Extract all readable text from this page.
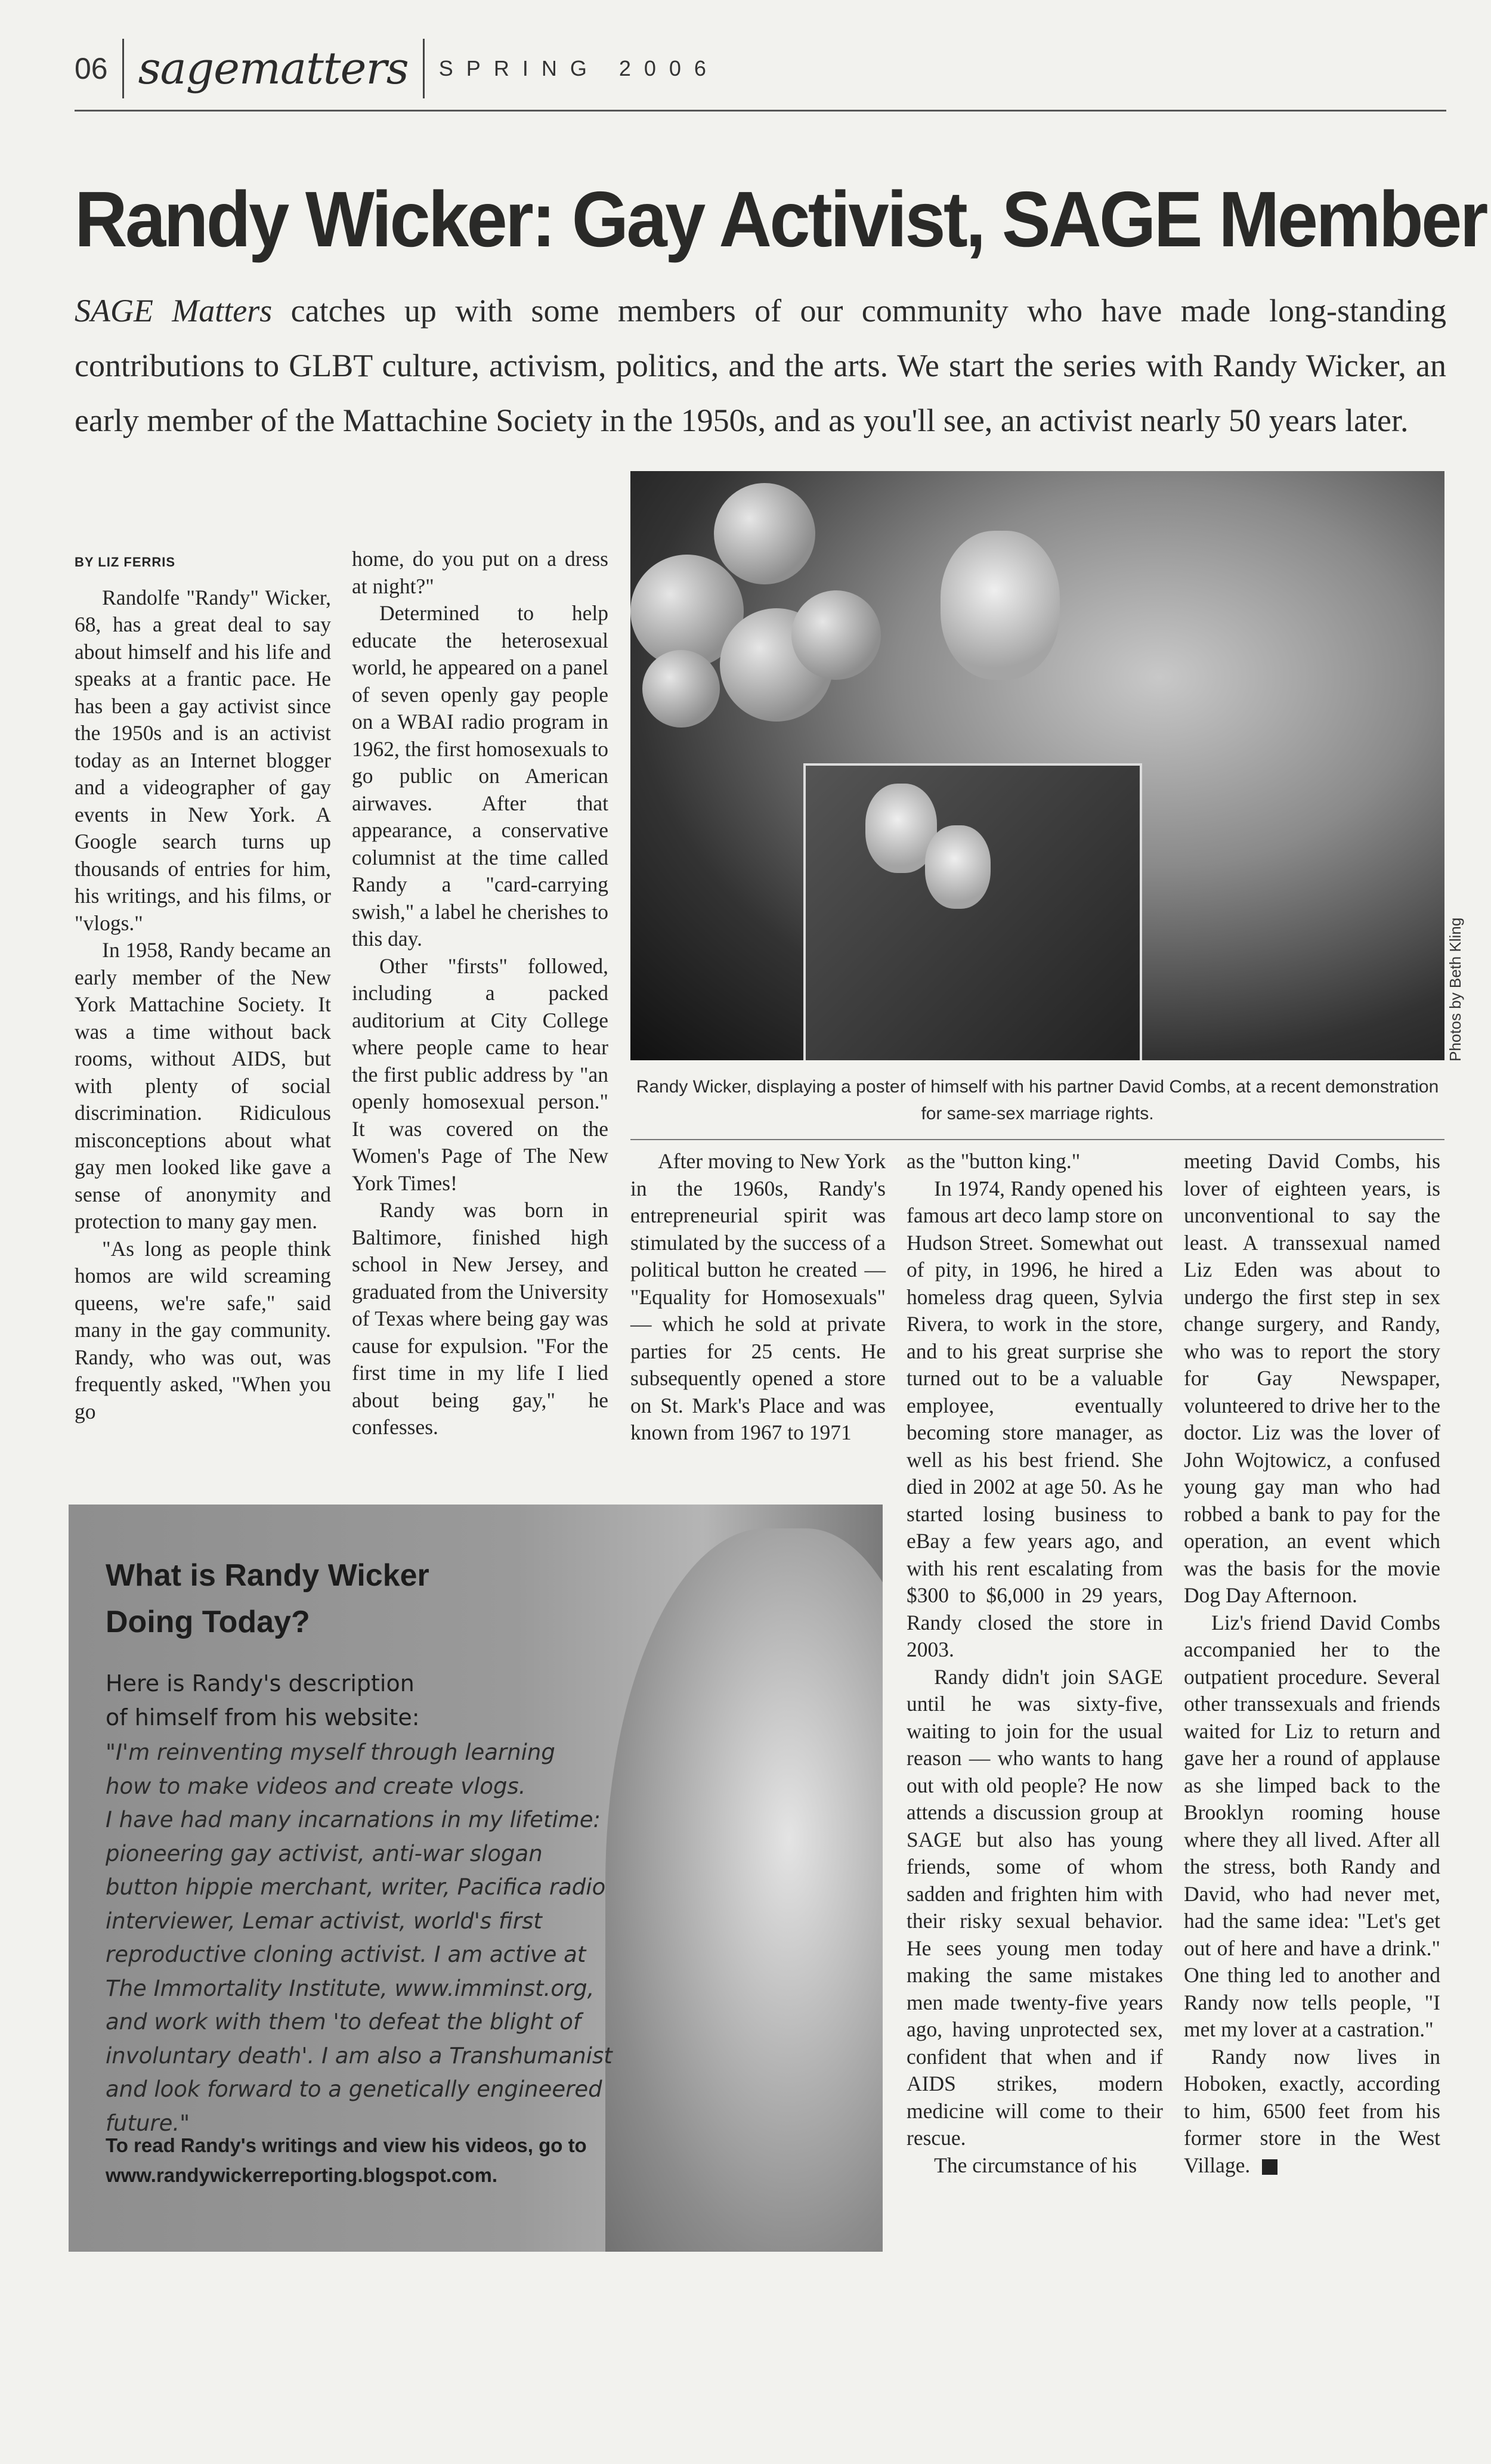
06 sagematters SPRING 2006
Randy Wicker: Gay Activist, SAGE Member
SAGE Matters catches up with some members of our community who have made long-standing contributions to GLBT culture, activism, politics, and the arts. We start the series with Randy Wicker, an early member of the Mattachine Society in the 1950s, and as you'll see, an activist nearly 50 years later.
Photos by Beth Kling
Randy Wicker, displaying a poster of himself with his partner David Combs, at a recent demonstration for same-sex marriage rights.
BY LIZ FERRIS

Randolfe "Randy" Wicker, 68, has a great deal to say about himself and his life and speaks at a frantic pace. He has been a gay activist since the 1950s and is an activist today as an Internet blogger and a videographer of gay events in New York. A Google search turns up thousands of entries for him, his writings, and his films, or "vlogs."

In 1958, Randy became an early member of the New York Mattachine Society. It was a time without back rooms, without AIDS, but with plenty of social discrimination. Ridiculous misconceptions about what gay men looked like gave a sense of anonymity and protection to many gay men.

"As long as people think homos are wild screaming queens, we're safe," said many in the gay community. Randy, who was out, was frequently asked, "When you go

home, do you put on a dress at night?"

Determined to help educate the heterosexual world, he appeared on a panel of seven openly gay people on a WBAI radio program in 1962, the first homosexuals to go public on American airwaves. After that appearance, a conservative columnist at the time called Randy a "card-carrying swish," a label he cherishes to this day.

Other "firsts" followed, including a packed auditorium at City College where people came to hear the first public address by "an openly homosexual person." It was covered on the Women's Page of The New York Times!

Randy was born in Baltimore, finished high school in New Jersey, and graduated from the University of Texas where being gay was cause for expulsion. "For the first time in my life I lied about being gay," he confesses.

After moving to New York in the 1960s, Randy's entrepreneurial spirit was stimulated by the success of a political button he created — "Equality for Homosexuals" — which he sold at private parties for 25 cents. He subsequently opened a store on St. Mark's Place and was known from 1967 to 1971

as the "button king."

In 1974, Randy opened his famous art deco lamp store on Hudson Street. Somewhat out of pity, in 1996, he hired a homeless drag queen, Sylvia Rivera, to work in the store, and to his great surprise she turned out to be a valuable employee, eventually becoming store manager, as well as his best friend. She died in 2002 at age 50. As he started losing business to eBay a few years ago, and with his rent escalating from $300 to $6,000 in 29 years, Randy closed the store in 2003.

Randy didn't join SAGE until he was sixty-five, waiting to join for the usual reason — who wants to hang out with old people? He now attends a discussion group at SAGE but also has young friends, some of whom sadden and frighten him with their risky sexual behavior. He sees young men today making the same mistakes men made twenty-five years ago, having unprotected sex, confident that when and if AIDS strikes, modern medicine will come to their rescue.

The circumstance of his

meeting David Combs, his lover of eighteen years, is unconventional to say the least. A transsexual named Liz Eden was about to undergo the first step in sex change surgery, and Randy, who was to report the story for Gay Newspaper, volunteered to drive her to the doctor. Liz was the lover of John Wojtowicz, a confused young gay man who had robbed a bank to pay for the operation, an event which was the basis for the movie Dog Day Afternoon.

Liz's friend David Combs accompanied her to the outpatient procedure. Several other transsexuals and friends waited for Liz to return and gave her a round of applause as she limped back to the Brooklyn rooming house where they all lived. After all the stress, both Randy and David, who had never met, had the same idea: "Let's get out of here and have a drink." One thing led to another and Randy now tells people, "I met my lover at a castration."

Randy now lives in Hoboken, exactly, according to him, 6500 feet from his former store in the West Village.

What is Randy Wicker
Doing Today?
Here is Randy's description
of himself from his website:
"I'm reinventing myself through learning
how to make videos and create vlogs.
I have had many incarnations in my lifetime:
pioneering gay activist, anti-war slogan
button hippie merchant, writer, Pacifica radio
interviewer, Lemar activist, world's first
reproductive cloning activist. I am active at
The Immortality Institute, www.imminst.org,
and work with them 'to defeat the blight of
involuntary death'. I am also a Transhumanist
and look forward to a genetically engineered future."
To read Randy's writings and view his videos, go to
www.randywickerreporting.blogspot.com.
